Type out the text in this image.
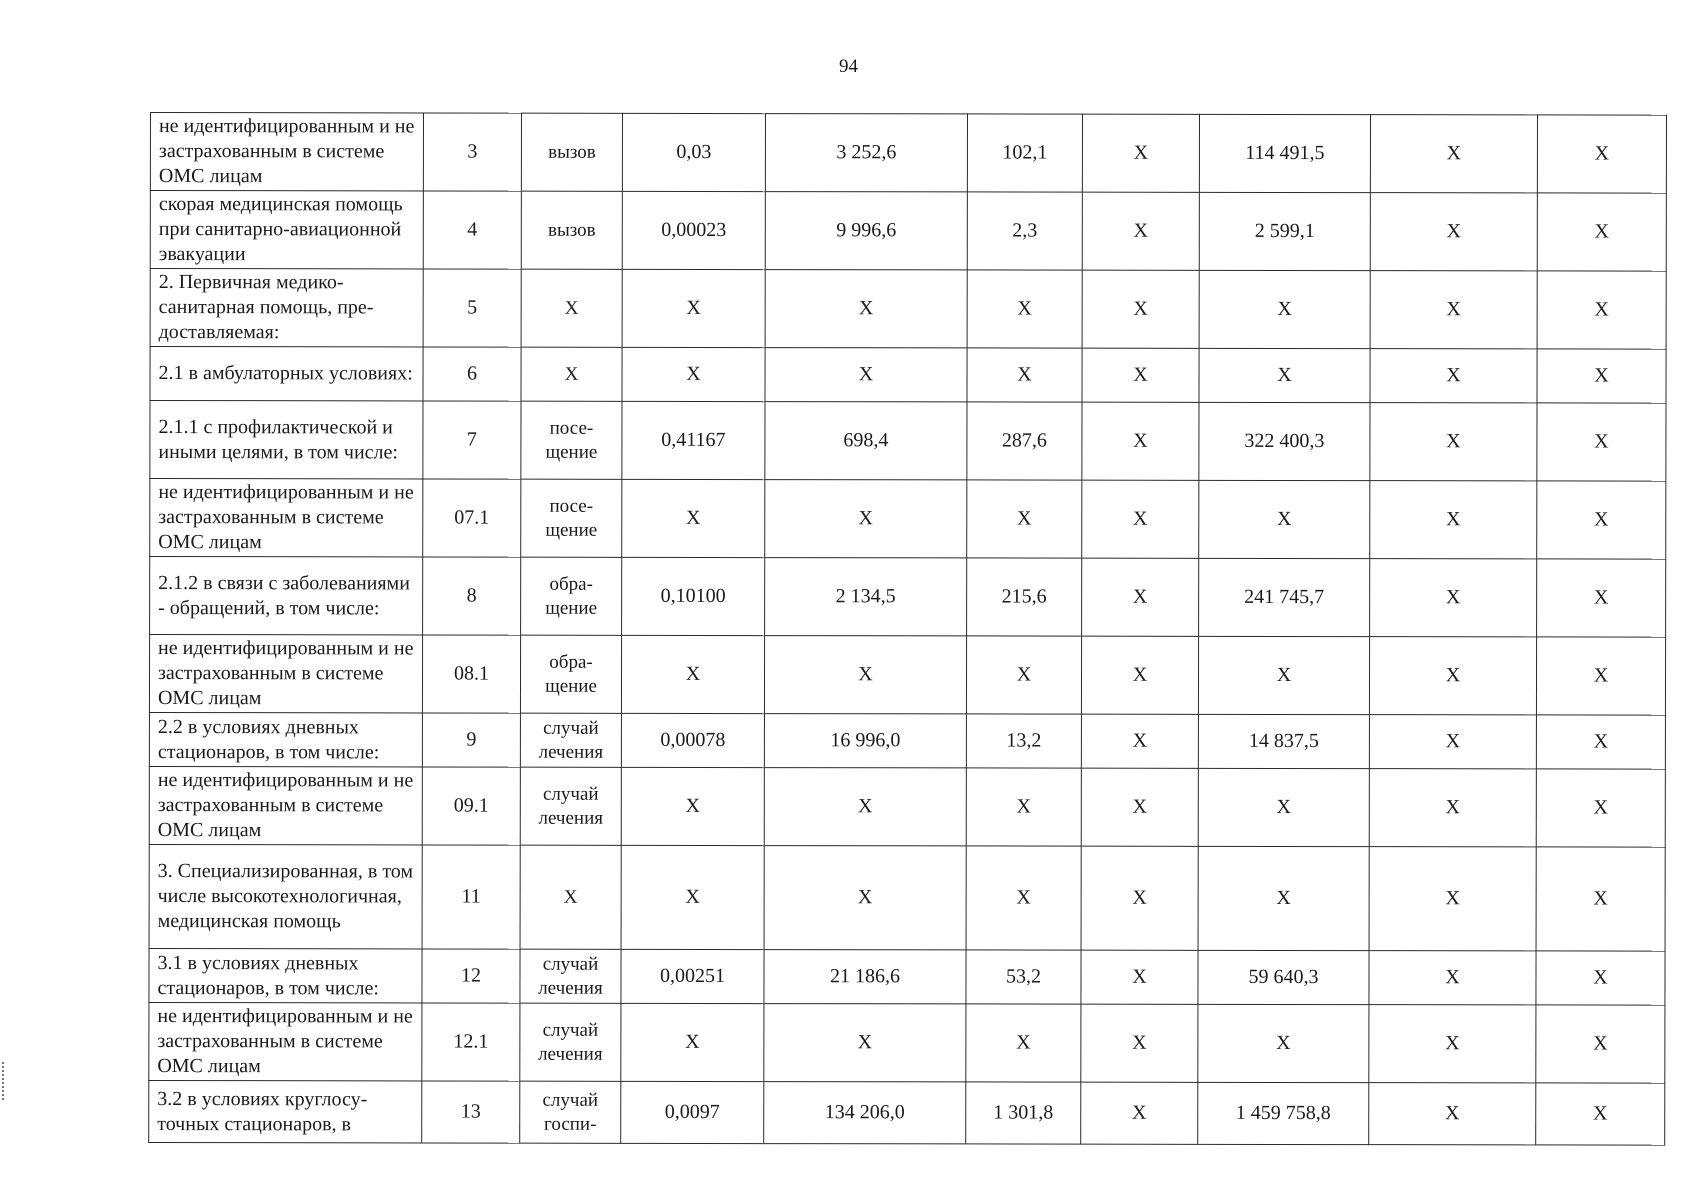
94
не идентифицированным и не застрахованным в системе ОМС лицам	3	вызов	0,03	3 252,6	102,1	X	114 491,5	X	X
скорая медицинская помощь при санитарно-авиационной эвакуации	4	вызов	0,00023	9 996,6	2,3	X	2 599,1	X	X
2. Первичная медико-санитарная помощь, предоставляемая:	5	X	X	X	X	X	X	X	X
2.1 в амбулаторных условиях:	6	X	X	X	X	X	X	X	X
2.1.1 с профилактической и иными целями, в том числе:	7	посещение	0,41167	698,4	287,6	X	322 400,3	X	X
не идентифицированным и не застрахованным в системе ОМС лицам	07.1	посещение	X	X	X	X	X	X	X
2.1.2 в связи с заболеваниями - обращений, в том числе:	8	обращение	0,10100	2 134,5	215,6	X	241 745,7	X	X
не идентифицированным и не застрахованным в системе ОМС лицам	08.1	обращение	X	X	X	X	X	X	X
2.2 в условиях дневных стационаров, в том числе:	9	случай лечения	0,00078	16 996,0	13,2	X	14 837,5	X	X
не идентифицированным и не застрахованным в системе ОМС лицам	09.1	случай лечения	X	X	X	X	X	X	X
3. Специализированная, в том числе высокотехнологичная, медицинская помощь	11	X	X	X	X	X	X	X	X
3.1 в условиях дневных стационаров, в том числе:	12	случай лечения	0,00251	21 186,6	53,2	X	59 640,3	X	X
не идентифицированным и не застрахованным в системе ОМС лицам	12.1	случай лечения	X	X	X	X	X	X	X
3.2 в условиях круглосуточных стационаров, в	13	случай госпи-	0,0097	134 206,0	1 301,8	X	1 459 758,8	X	X
